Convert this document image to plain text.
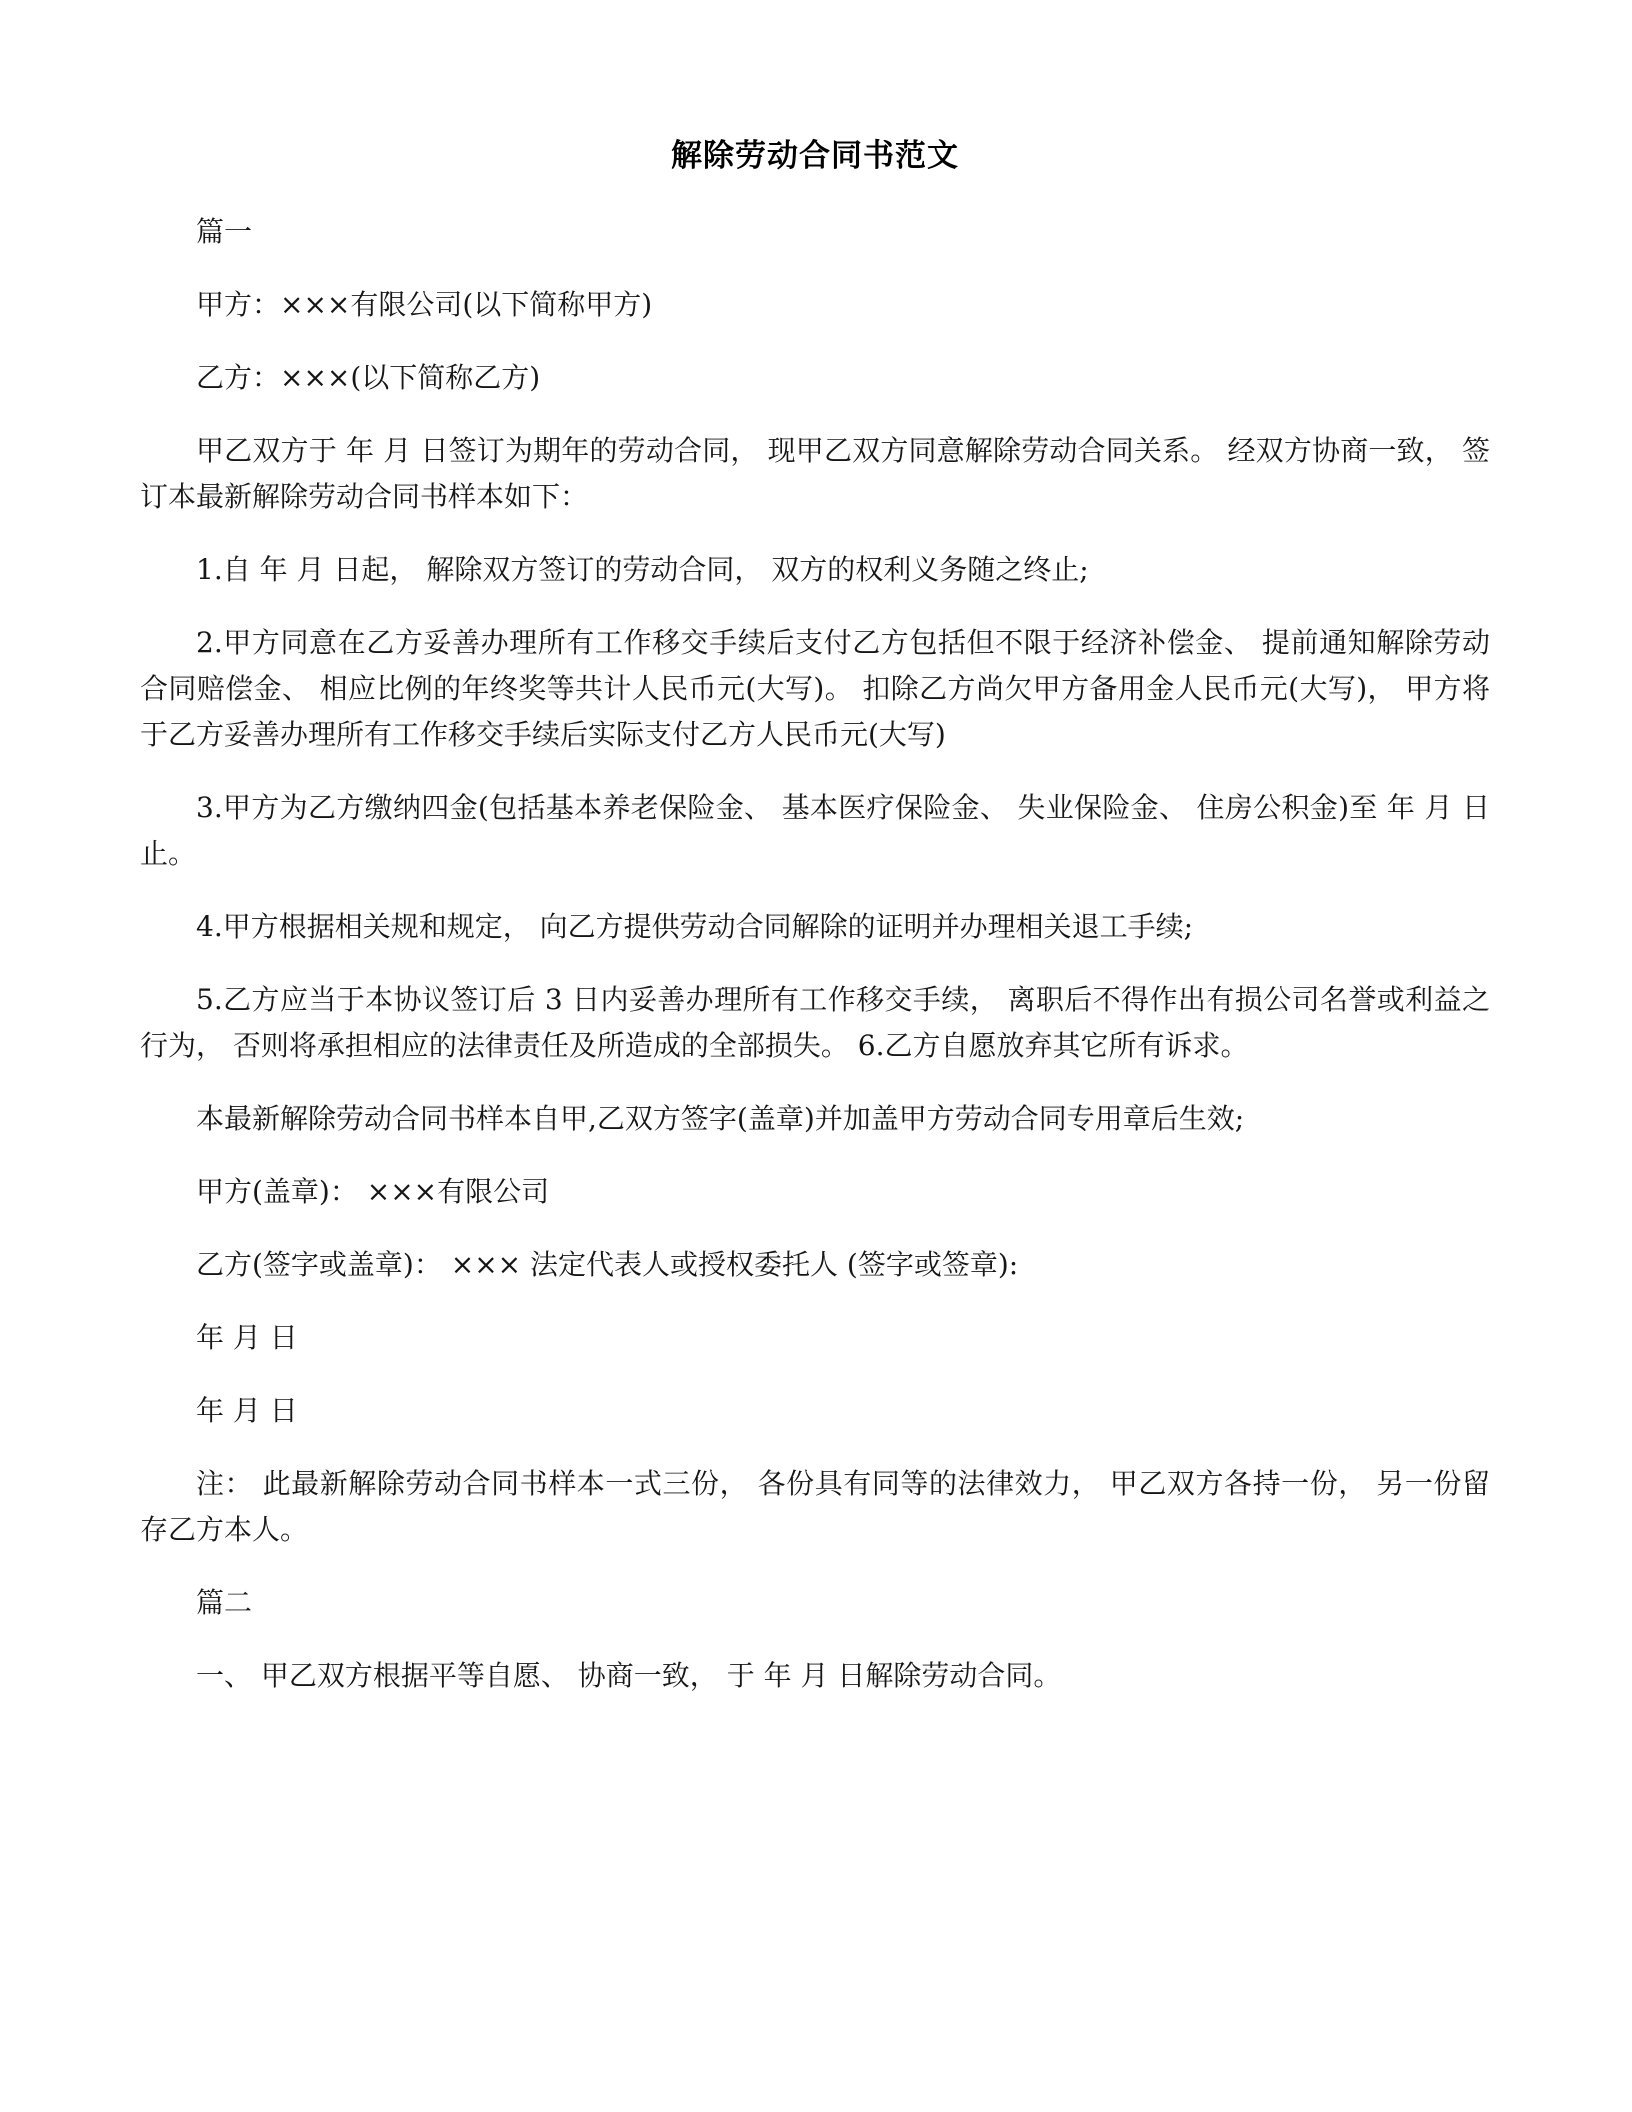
解除劳动合同书范文

篇一

甲方：×××有限公司(以下简称甲方)

乙方：×××(以下简称乙方)

甲乙双方于 年 月 日签订为期年的劳动合同， 现甲乙双方同意解除劳动合同关系。 经双方协商一致， 签订本最新解除劳动合同书样本如下：

1.自 年 月 日起， 解除双方签订的劳动合同， 双方的权利义务随之终止;

2.甲方同意在乙方妥善办理所有工作移交手续后支付乙方包括但不限于经济补偿金、 提前通知解除劳动合同赔偿金、 相应比例的年终奖等共计人民币元(大写)。 扣除乙方尚欠甲方备用金人民币元(大写)， 甲方将于乙方妥善办理所有工作移交手续后实际支付乙方人民币元(大写)

3.甲方为乙方缴纳四金(包括基本养老保险金、 基本医疗保险金、 失业保险金、 住房公积金)至 年 月 日止。

4.甲方根据相关规和规定， 向乙方提供劳动合同解除的证明并办理相关退工手续;

5.乙方应当于本协议签订后 3 日内妥善办理所有工作移交手续， 离职后不得作出有损公司名誉或利益之行为， 否则将承担相应的法律责任及所造成的全部损失。 6.乙方自愿放弃其它所有诉求。

本最新解除劳动合同书样本自甲,乙双方签字(盖章)并加盖甲方劳动合同专用章后生效;

甲方(盖章)： ×××有限公司

乙方(签字或盖章)： ××× 法定代表人或授权委托人 (签字或签章):

年 月 日

年 月 日

注： 此最新解除劳动合同书样本一式三份， 各份具有同等的法律效力， 甲乙双方各持一份， 另一份留存乙方本人。

篇二

一、 甲乙双方根据平等自愿、 协商一致， 于 年 月 日解除劳动合同。
